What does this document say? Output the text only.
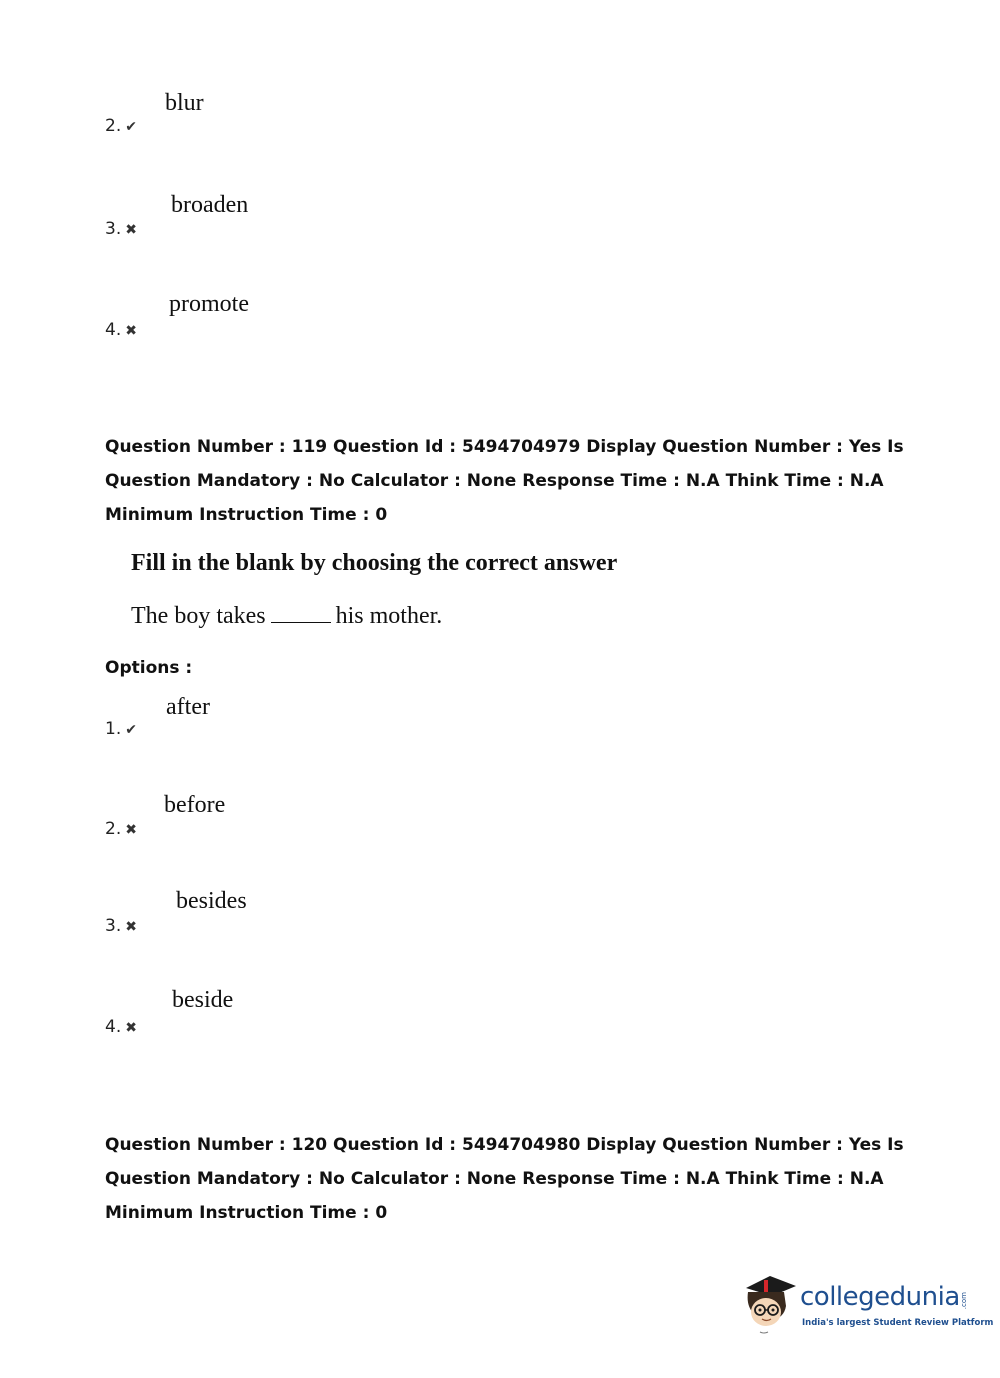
blur
2. ✔
broaden
3. ✖
promote
4. ✖
Question Number : 119 Question Id : 5494704979 Display Question Number : Yes Is Question Mandatory : No Calculator : None Response Time : N.A Think Time : N.A Minimum Instruction Time : 0
Fill in the blank by choosing the correct answer
The boy takes	his mother.
Options :
after
1. ✔
before
2. ✖
besides
3. ✖
beside
4. ✖
Question Number : 120 Question Id : 5494704980 Display Question Number : Yes Is Question Mandatory : No Calculator : None Response Time : N.A Think Time : N.A Minimum Instruction Time : 0
collegedunia .com
India's largest Student Review Platform
